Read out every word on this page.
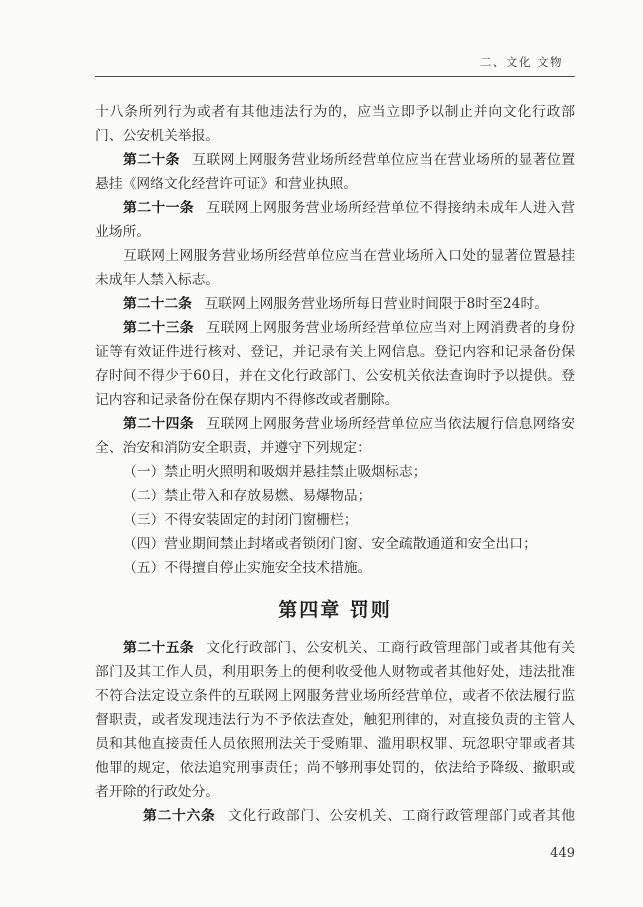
二、文化 文物
十八条所列行为或者有其他违法行为的，应当立即予以制止并向文化行政部
门、公安机关举报。
第二十条 互联网上网服务营业场所经营单位应当在营业场所的显著位置
悬挂《网络文化经营许可证》和营业执照。
第二十一条 互联网上网服务营业场所经营单位不得接纳未成年人进入营
业场所。
互联网上网服务营业场所经营单位应当在营业场所入口处的显著位置悬挂
未成年人禁入标志。
第二十二条 互联网上网服务营业场所每日营业时间限于8时至24时。
第二十三条 互联网上网服务营业场所经营单位应当对上网消费者的身份
证等有效证件进行核对、登记，并记录有关上网信息。登记内容和记录备份保
存时间不得少于60日，并在文化行政部门、公安机关依法查询时予以提供。登
记内容和记录备份在保存期内不得修改或者删除。
第二十四条 互联网上网服务营业场所经营单位应当依法履行信息网络安
全、治安和消防安全职责，并遵守下列规定：
（一）禁止明火照明和吸烟并悬挂禁止吸烟标志；
（二）禁止带入和存放易燃、易爆物品；
（三）不得安装固定的封闭门窗栅栏；
（四）营业期间禁止封堵或者锁闭门窗、安全疏散通道和安全出口；
（五）不得擅自停止实施安全技术措施。
第四章 罚则
第二十五条 文化行政部门、公安机关、工商行政管理部门或者其他有关
部门及其工作人员，利用职务上的便利收受他人财物或者其他好处，违法批准
不符合法定设立条件的互联网上网服务营业场所经营单位，或者不依法履行监
督职责，或者发现违法行为不予依法查处，触犯刑律的，对直接负责的主管人
员和其他直接责任人员依照刑法关于受贿罪、滥用职权罪、玩忽职守罪或者其
他罪的规定，依法追究刑事责任；尚不够刑事处罚的，依法给予降级、撤职或
者开除的行政处分。
第二十六条 文化行政部门、公安机关、工商行政管理部门或者其他
449
